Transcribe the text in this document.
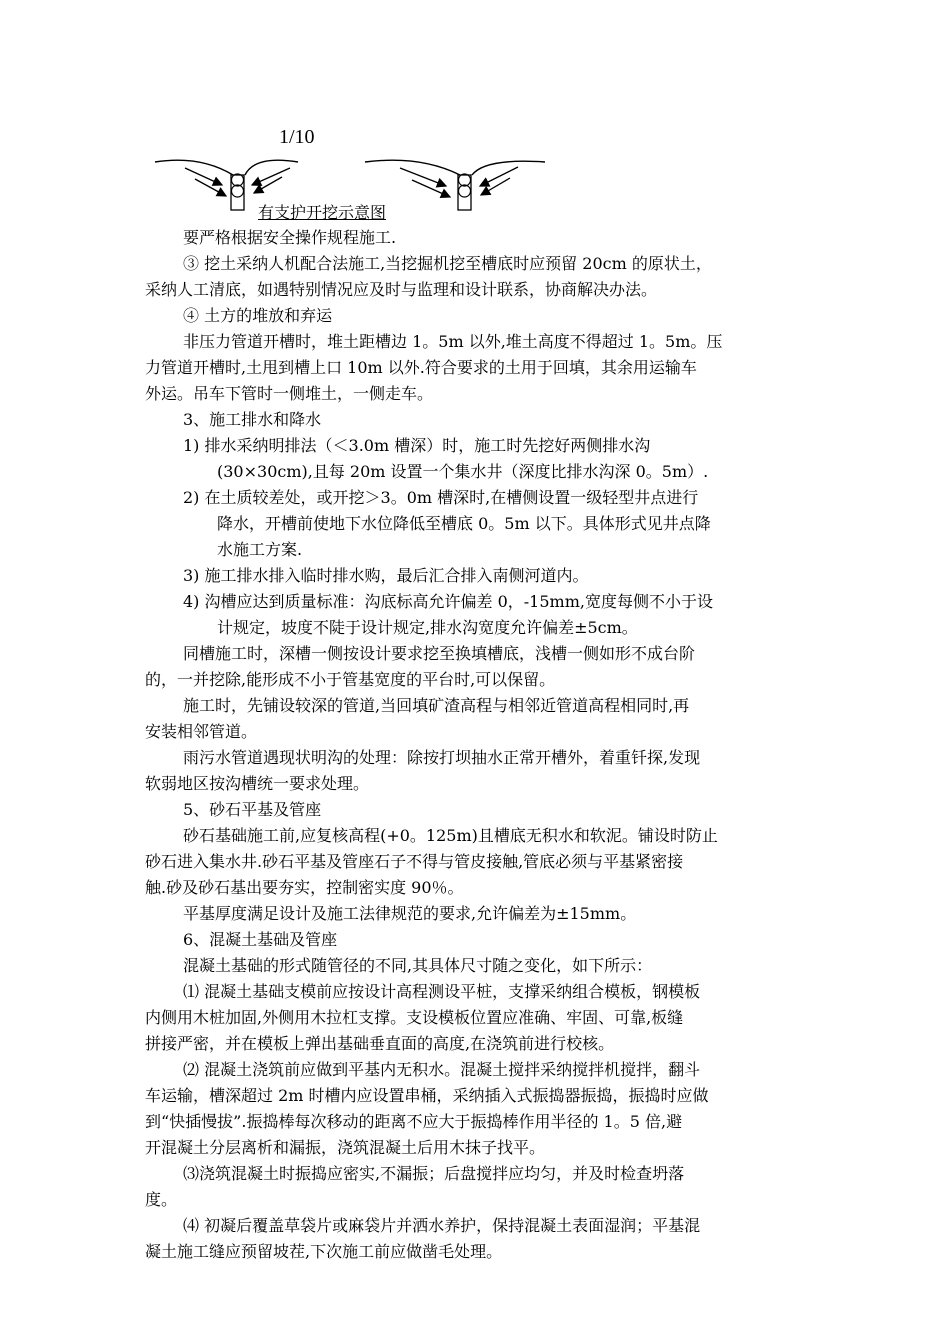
1/10
有支护开挖示意图
要严格根据安全操作规程施工.
③ 挖土采纳人机配合法施工,当挖掘机挖至槽底时应预留 20cm 的原状土，
采纳人工清底，如遇特别情况应及时与监理和设计联系，协商解决办法。
④ 土方的堆放和弃运
非压力管道开槽时，堆土距槽边 1。5m 以外,堆土高度不得超过 1。5m。压
力管道开槽时,土甩到槽上口 10m 以外.符合要求的土用于回填，其余用运输车
外运。吊车下管时一侧堆土，一侧走车。
3、施工排水和降水
1) 排水采纳明排法（＜3.0m 槽深）时，施工时先挖好两侧排水沟
(30×30cm),且每 20m 设置一个集水井（深度比排水沟深 0。5m）.
2) 在土质较差处，或开挖＞3。0m 槽深时,在槽侧设置一级轻型井点进行
降水，开槽前使地下水位降低至槽底 0。5m 以下。具体形式见井点降
水施工方案.
3) 施工排水排入临时排水购，最后汇合排入南侧河道内。
4) 沟槽应达到质量标准：沟底标高允许偏差 0，-15mm,宽度每侧不小于设
计规定，坡度不陡于设计规定,排水沟宽度允许偏差±5cm。
同槽施工时，深槽一侧按设计要求挖至换填槽底，浅槽一侧如形不成台阶
的，一并挖除,能形成不小于管基宽度的平台时,可以保留。
施工时，先铺设较深的管道,当回填矿渣高程与相邻近管道高程相同时,再
安装相邻管道。
雨污水管道遇现状明沟的处理：除按打坝抽水正常开槽外，着重钎探,发现
软弱地区按沟槽统一要求处理。
5、砂石平基及管座
砂石基础施工前,应复核高程(+0。125m)且槽底无积水和软泥。铺设时防止
砂石进入集水井.砂石平基及管座石子不得与管皮接触,管底必须与平基紧密接
触.砂及砂石基出要夯实，控制密实度 90％。
平基厚度满足设计及施工法律规范的要求,允许偏差为±15mm。
6、混凝土基础及管座
混凝土基础的形式随管径的不同,其具体尺寸随之变化，如下所示：
⑴ 混凝土基础支模前应按设计高程测设平桩，支撑采纳组合模板，钢模板
内侧用木桩加固,外侧用木拉杠支撑。支设模板位置应准确、牢固、可靠,板缝
拼接严密，并在模板上弹出基础垂直面的高度,在浇筑前进行校核。
⑵ 混凝土浇筑前应做到平基内无积水。混凝土搅拌采纳搅拌机搅拌，翻斗
车运输，槽深超过 2m 时槽内应设置串桶，采纳插入式振捣器振捣，振捣时应做
到“快插慢拔”.振捣棒每次移动的距离不应大于振捣棒作用半径的 1。5 倍,避
开混凝土分层离析和漏振，浇筑混凝土后用木抹子找平。
⑶浇筑混凝土时振捣应密实,不漏振；后盘搅拌应均匀，并及时检查坍落
度。
⑷ 初凝后覆盖草袋片或麻袋片并洒水养护，保持混凝土表面湿润；平基混
凝土施工缝应预留坡茬,下次施工前应做凿毛处理。
